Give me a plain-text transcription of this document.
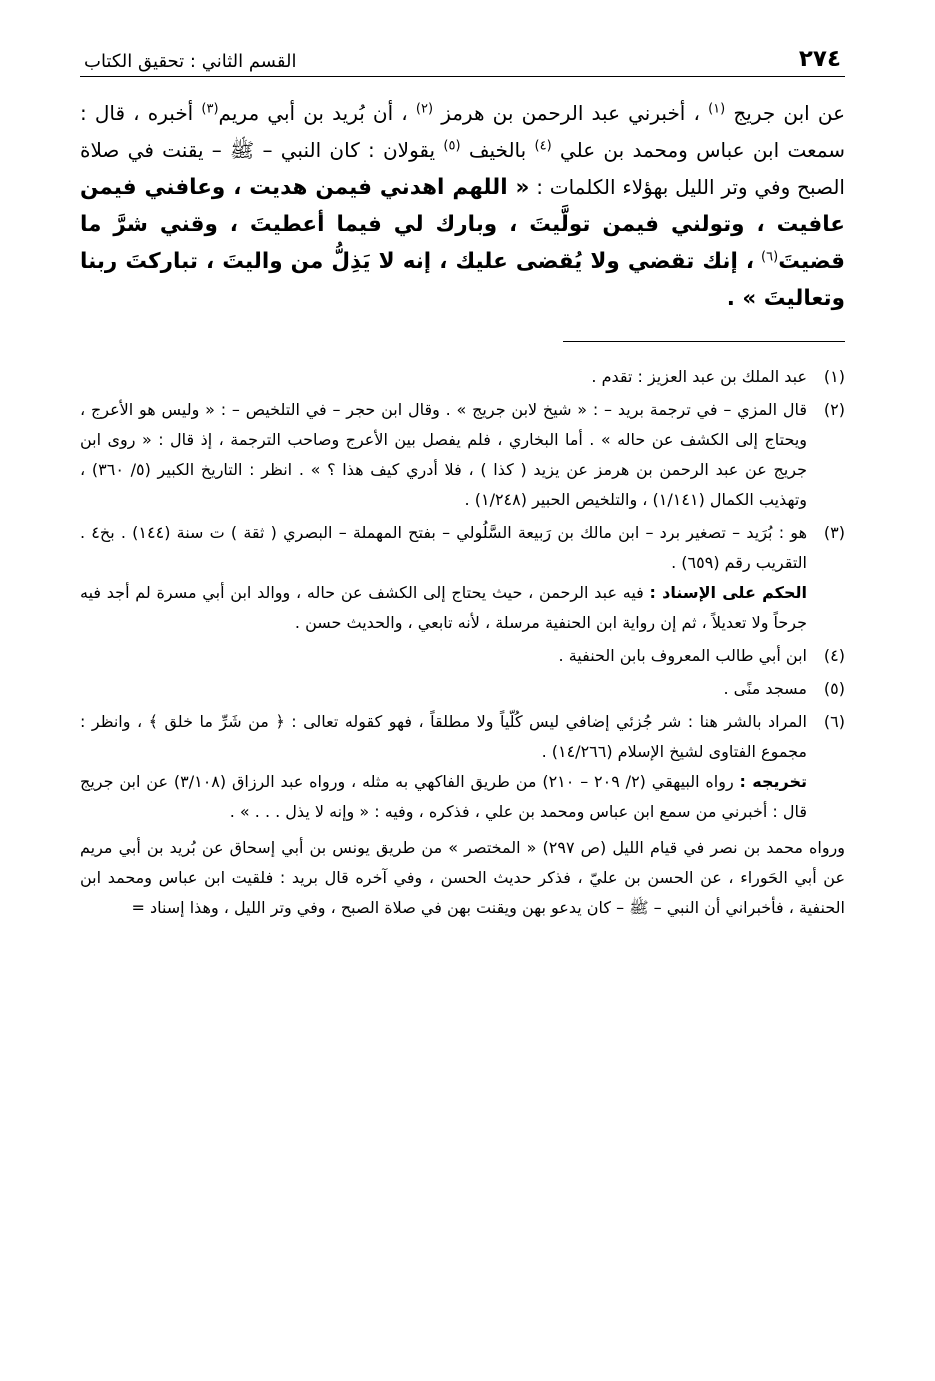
٢٧٤
القسم الثاني : تحقيق الكتاب

عن ابن جريج $^{(١)}$ ، أخبرني عبد الرحمن بن هرمز $^{(٢)}$ ، أن بُريد بن أبي مريم$^{(٣)}$ أخبره ، قال : سمعت ابن عباس ومحمد بن علي $^{(٤)}$ بالخيف $^{(٥)}$ يقولان : كان النبي – ﷺ – يقنت في صلاة الصبح وفي وتر الليل بهؤلاء الكلمات : « اللهم اهدني فيمن هديت ، وعافني فيمن عافيت ، وتولني فيمن تولَّيتَ ، وبارك لي فيما أعطيتَ ، وقني شرَّ ما قضيتَ$^{(٦)}$ ، إنك تقضي ولا يُقضى عليك ، إنه لا يَذِلُّ من واليتَ ، تباركتَ ربنا وتعاليتَ » .

(١)

عبد الملك بن عبد العزيز : تقدم .

(٢)

قال المزي – في ترجمة بريد – : « شيخ لابن جريج » . وقال ابن حجر – في التلخيص – : « وليس هو الأعرج ، ويحتاج إلى الكشف عن حاله » . أما البخاري ، فلم يفصل بين الأعرج وصاحب الترجمة ، إذ قال : « روى ابن جريج عن عبد الرحمن بن هرمز عن يزيد ( كذا ) ، فلا أدري كيف هذا ؟ » . انظر : التاريخ الكبير (٥/ ٣٦٠) ، وتهذيب الكمال (١/١٤١) ، والتلخيص الحبير (١/٢٤٨) .

(٣)

هو : بُرَيد – تصغير برد – ابن مالك بن رَبيعة السَّلُولي – بفتح المهملة – البصري ( ثقة ) ت سنة (١٤٤) . بخ٤ . التقريب رقم (٦٥٩) .

الحكم على الإسناد : فيه عبد الرحمن ، حيث يحتاج إلى الكشف عن حاله ، ووالد ابن أبي مسرة لم أجد فيه جرحاً ولا تعديلاً ، ثم إن رواية ابن الحنفية مرسلة ، لأنه تابعي ، والحديث حسن .

(٤)

ابن أبي طالب المعروف بابن الحنفية .

(٥)

مسجد منًى .

(٦)

المراد بالشر هنا : شر جُزئي إضافي ليس كُلّياً ولا مطلقاً ، فهو كقوله تعالى : ﴿ من شَرِّ ما خلق ﴾ ، وانظر : مجموع الفتاوى لشيخ الإسلام (١٤/٢٦٦) .

تخريجه : رواه البيهقي (٢/ ٢٠٩ – ٢١٠) من طريق الفاكهي به مثله ، ورواه عبد الرزاق (٣/١٠٨) عن ابن جريج قال : أخبرني من سمع ابن عباس ومحمد بن علي ، فذكره ، وفيه : « وإنه لا يذل . . . » .

ورواه محمد بن نصر في قيام الليل (ص ٢٩٧) « المختصر » من طريق يونس بن أبي إسحاق عن بُريد بن أبي مريم عن أبي الحَوراء ، عن الحسن بن عليّ ، فذكر حديث الحسن ، وفي آخره قال بريد : فلقيت ابن عباس ومحمد ابن الحنفية ، فأخبراني أن النبي – ﷺ – كان يدعو بهن ويقنت بهن في صلاة الصبح ، وفي وتر الليل ، وهذا إسناد =
